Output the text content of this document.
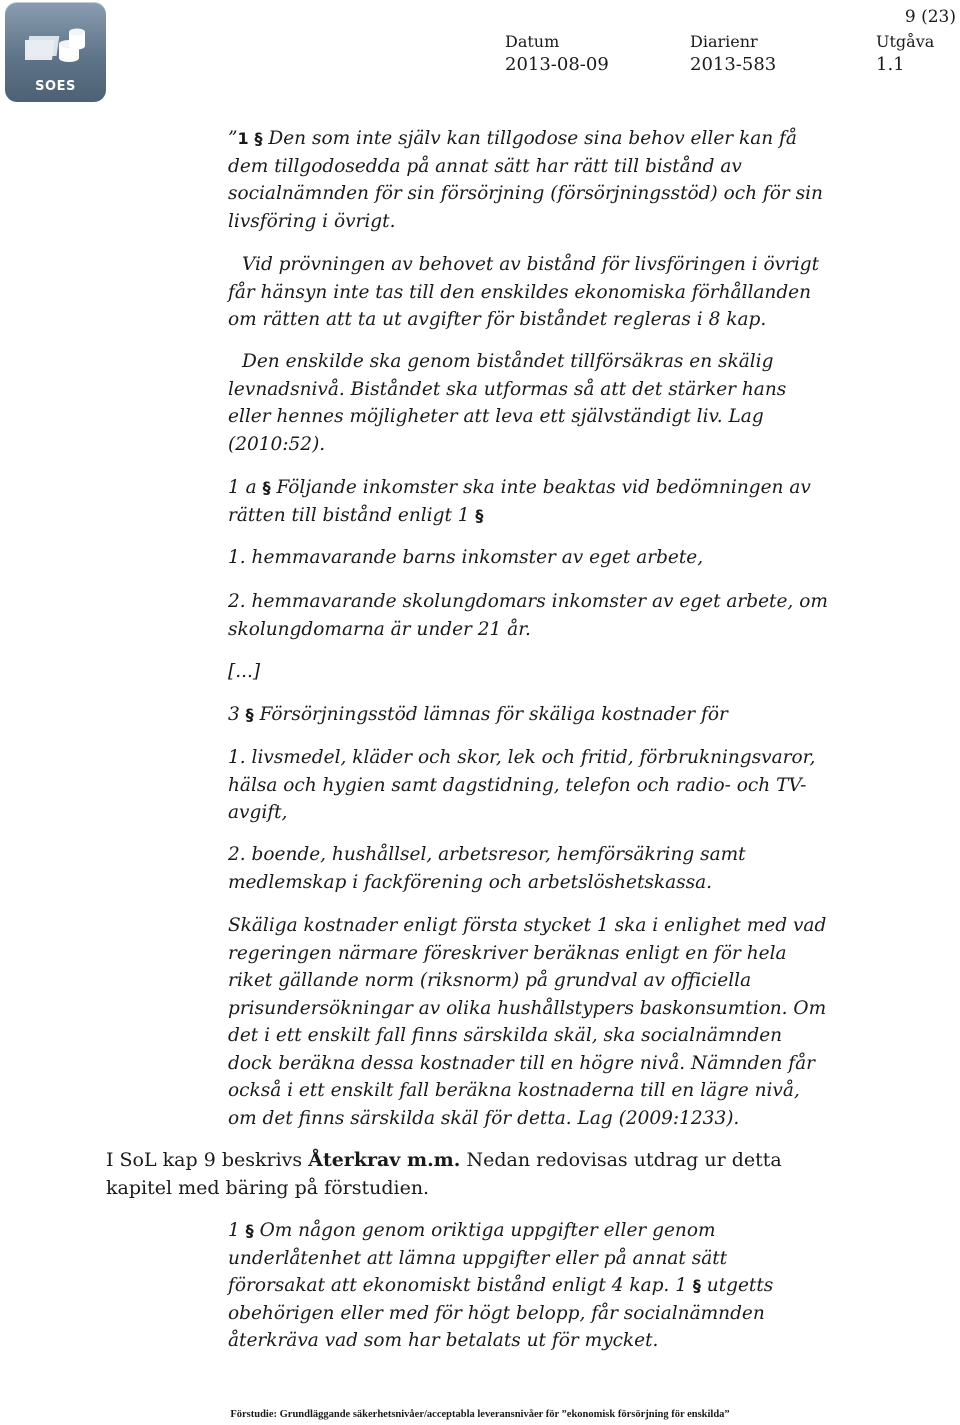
SOES
9 (23)
Datum
2013-08-09
Diarienr
2013-583
Utgåva
1.1

”1 § Den som inte själv kan tillgodose sina behov eller kan få dem tillgodosedda på annat sätt har rätt till bistånd av socialnämnden för sin försörjning (försörjningsstöd) och för sin livsföring i övrigt.

Vid prövningen av behovet av bistånd för livsföringen i övrigt får hänsyn inte tas till den enskildes ekonomiska förhållanden om rätten att ta ut avgifter för biståndet regleras i 8 kap.
Den enskilde ska genom biståndet tillförsäkras en skälig levnadsnivå. Biståndet ska utformas så att det stärker hans eller hennes möjligheter att leva ett självständigt liv. Lag (2010:52).

1 a § Följande inkomster ska inte beaktas vid bedömningen av rätten till bistånd enligt 1 §

1. hemmavarande barns inkomster av eget arbete,
2. hemmavarande skolungdomars inkomster av eget arbete, om skolungdomarna är under 21 år.
[...]

3 § Försörjningsstöd lämnas för skäliga kostnader för

1. livsmedel, kläder och skor, lek och fritid, förbrukningsvaror, hälsa och hygien samt dagstidning, telefon och radio- och TV-avgift,
2. boende, hushållsel, arbetsresor, hemförsäkring samt medlemskap i fackförening och arbetslöshetskassa.
Skäliga kostnader enligt första stycket 1 ska i enlighet med vad regeringen närmare föreskriver beräknas enligt en för hela riket gällande norm (riksnorm) på grundval av officiella prisundersökningar av olika hushållstypers baskonsumtion. Om det i ett enskilt fall finns särskilda skäl, ska socialnämnden dock beräkna dessa kostnader till en högre nivå. Nämnden får också i ett enskilt fall beräkna kostnaderna till en lägre nivå, om det finns särskilda skäl för detta. Lag (2009:1233).

I SoL kap 9 beskrivs Återkrav m.m. Nedan redovisas utdrag ur detta kapitel med bäring på förstudien.

1 § Om någon genom oriktiga uppgifter eller genom underlåtenhet att lämna uppgifter eller på annat sätt förorsakat att ekonomiskt bistånd enligt 4 kap. 1 § utgetts obehörigen eller med för högt belopp, får socialnämnden återkräva vad som har betalats ut för mycket.

Förstudie: Grundläggande säkerhetsnivåer/acceptabla leveransnivåer för ”ekonomisk försörjning för enskilda”
